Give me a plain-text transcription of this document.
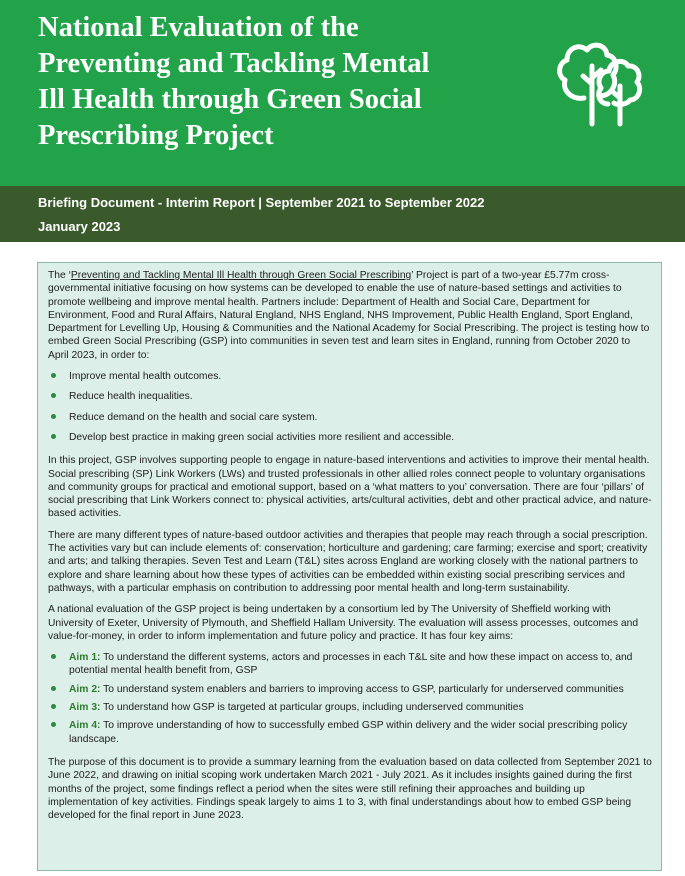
National Evaluation of the
Preventing and Tackling Mental
Ill Health through Green Social
Prescribing Project
Briefing Document - Interim Report | September 2021 to September 2022
January 2023

The ‘Preventing and Tackling Mental Ill Health through Green Social Prescribing’ Project is part of a two-year £5.77m cross-governmental initiative focusing on how systems can be developed to enable the use of nature-based settings and activities to promote wellbeing and improve mental health. Partners include: Department of Health and Social Care, Department for Environment, Food and Rural Affairs, Natural England, NHS England, NHS Improvement, Public Health England, Sport England, Department for Levelling Up, Housing & Communities and the National Academy for Social Prescribing. The project is testing how to embed Green Social Prescribing (GSP) into communities in seven test and learn sites in England, running from October 2020 to April 2023, in order to:

Improve mental health outcomes.
Reduce health inequalities.
Reduce demand on the health and social care system.
Develop best practice in making green social activities more resilient and accessible.

In this project, GSP involves supporting people to engage in nature-based interventions and activities to improve their mental health. Social prescribing (SP) Link Workers (LWs) and trusted professionals in other allied roles connect people to voluntary organisations and community groups for practical and emotional support, based on a ‘what matters to you’ conversation. There are four ‘pillars’ of social prescribing that Link Workers connect to: physical activities, arts/cultural activities, debt and other practical advice, and nature-based activities.

There are many different types of nature-based outdoor activities and therapies that people may reach through a social prescription. The activities vary but can include elements of: conservation; horticulture and gardening; care farming; exercise and sport; creativity and arts; and talking therapies. Seven Test and Learn (T&L) sites across England are working closely with the national partners to explore and share learning about how these types of activities can be embedded within existing social prescribing services and pathways, with a particular emphasis on contribution to addressing poor mental health and long-term sustainability.

A national evaluation of the GSP project is being undertaken by a consortium led by The University of Sheffield working with University of Exeter, University of Plymouth, and Sheffield Hallam University. The evaluation will assess processes, outcomes and value-for-money, in order to inform implementation and future policy and practice. It has four key aims:

Aim 1: To understand the different systems, actors and processes in each T&L site and how these impact on access to, and potential mental health benefit from, GSP
Aim 2: To understand system enablers and barriers to improving access to GSP, particularly for underserved communities
Aim 3: To understand how GSP is targeted at particular groups, including underserved communities
Aim 4: To improve understanding of how to successfully embed GSP within delivery and the wider social prescribing policy landscape.

The purpose of this document is to provide a summary learning from the evaluation based on data collected from September 2021 to June 2022, and drawing on initial scoping work undertaken March 2021 - July 2021. As it includes insights gained during the first months of the project, some findings reflect a period when the sites were still refining their approaches and building up implementation of key activities. Findings speak largely to aims 1 to 3, with final understandings about how to embed GSP being developed for the final report in June 2023.
